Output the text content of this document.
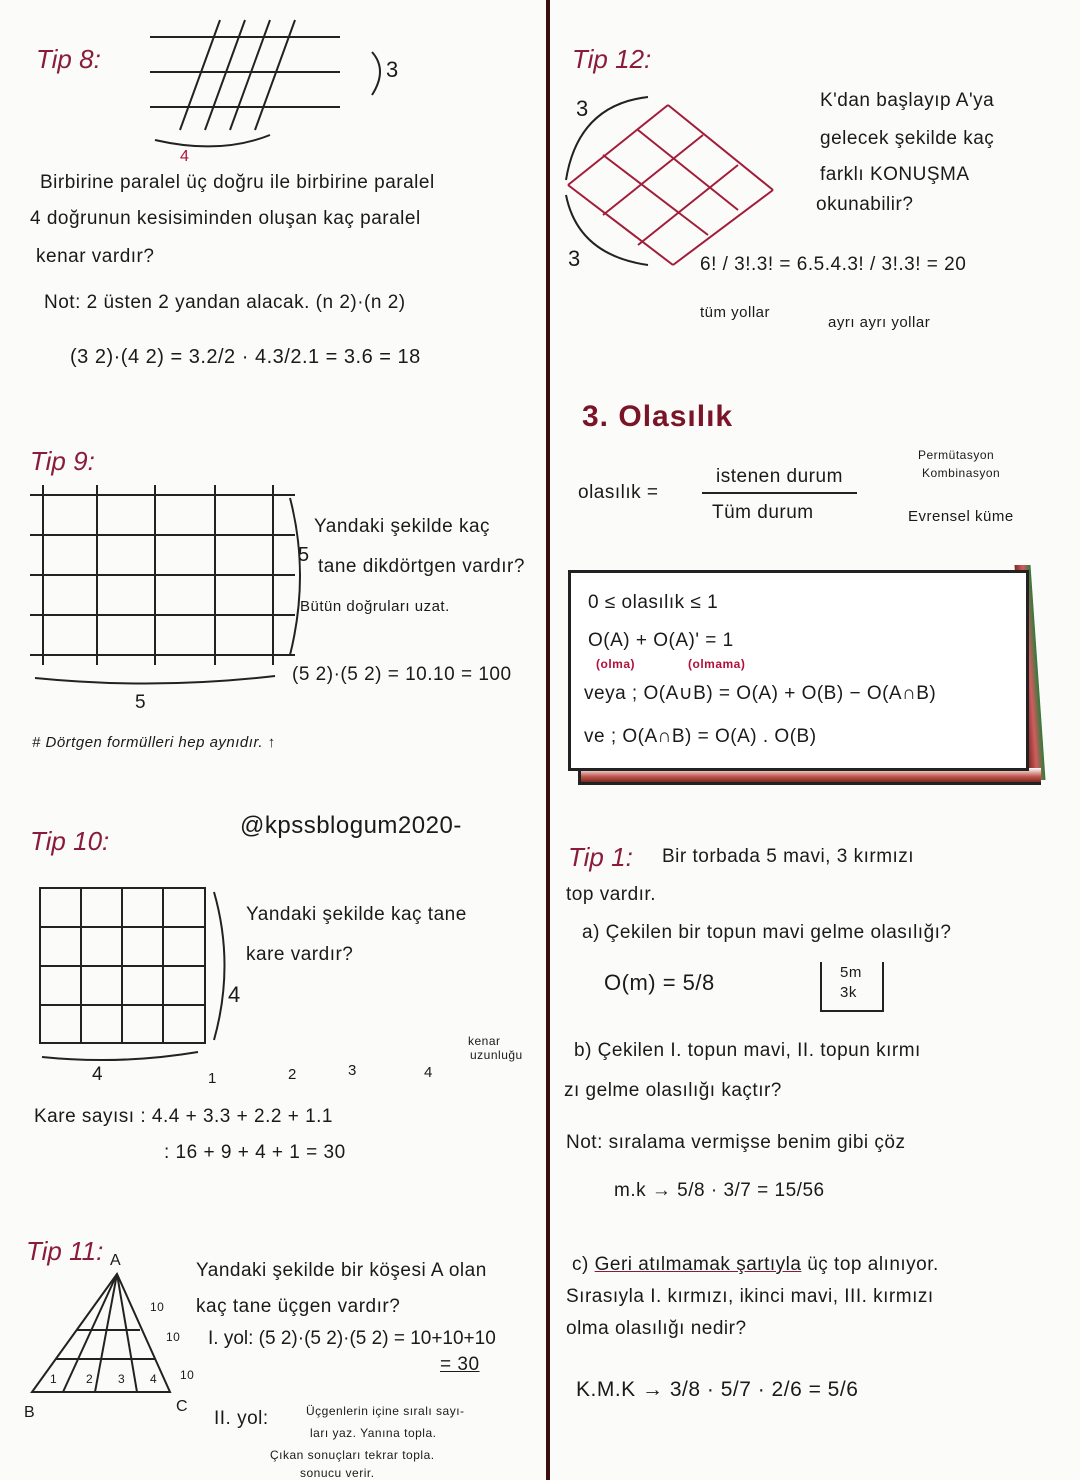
Tip 8:	3
4
Birbirine paralel üç doğru ile birbirine paralel
4 doğrunun kesisiminden oluşan kaç paralel
kenar vardır?
Not: 2 üsten 2 yandan alacak. (n 2)·(n 2)
(3 2)·(4 2) = 3.2/2 · 4.3/2.1 = 3.6 = 18
Tip 9:
5
Yandaki şekilde kaç
5
tane dikdörtgen vardır?
Bütün doğruları uzat.
(5 2)·(5 2) = 10.10 = 100
# Dörtgen formülleri hep aynıdır. ↑
Tip 10:
@kpssblogum2020-
4
4
Yandaki şekilde kaç tane
kare vardır?
kenar
uzunluğu
1	2	3	4
Kare sayısı : 4.4 + 3.3 + 2.2 + 1.1
: 16 + 9 + 4 + 1 = 30
Tip 11: A
B	C
10
10
10
1 2 3 4
Yandaki şekilde bir köşesi A olan
kaç tane üçgen vardır?
I. yol: (5 2)·(5 2)·(5 2) = 10+10+10
= 30
II. yol:	Üçgenlerin içine sıralı sayı-
ları yaz. Yanına topla.
Çıkan sonuçları tekrar topla.
sonucu verir.
Tip 12:
3
3
K'dan başlayıp A'ya
gelecek şekilde kaç
farklı KONUŞMA
okunabilir?
6! / 3!.3! = 6.5.4.3! / 3!.3! = 20
tüm yollar
ayrı ayrı yollar
3. Olasılık
olasılık =
istenen durum
Tüm durum
Permütasyon
Kombinasyon
Evrensel küme
0 ≤ olasılık ≤ 1
O(A) + O(A)' = 1
(olma)	(olmama)
veya ; O(A∪B) = O(A) + O(B) − O(A∩B)
ve ; O(A∩B) = O(A) . O(B)
Tip 1: Bir torbada 5 mavi, 3 kırmızı
top vardır.
a) Çekilen bir topun mavi gelme olasılığı?
O(m) = 5/8	5m
3k
b) Çekilen I. topun mavi, II. topun kırmı
zı gelme olasılığı kaçtır?
Not: sıralama vermişse benim gibi çöz
m.k → 5/8 · 3/7 = 15/56
c) Geri atılmamak şartıyla üç top alınıyor.
Sırasıyla I. kırmızı, ikinci mavi, III. kırmızı
olma olasılığı nedir?
K.M.K → 3/8 · 5/7 · 2/6 = 5/6
